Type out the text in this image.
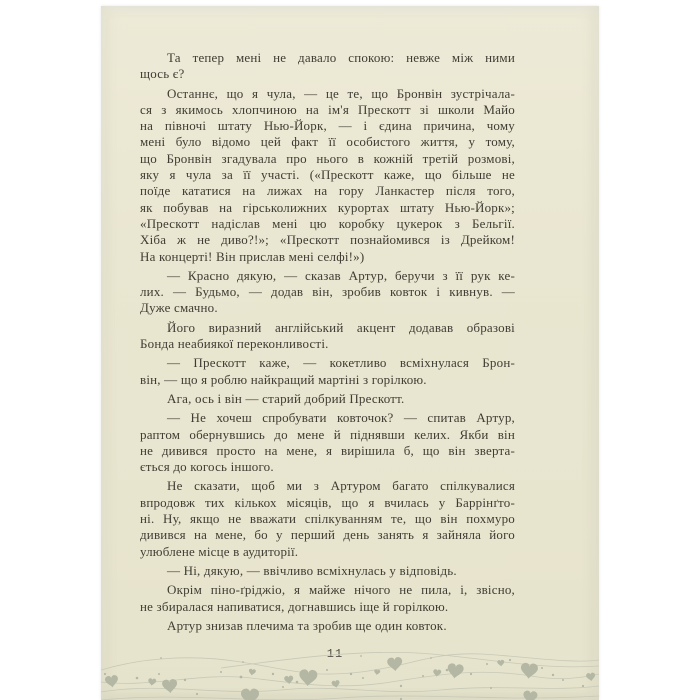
Та тепер мені не давало спокою: невже між ними
щось є?
Останнє, що я чула, — це те, що Бронвін зустрічала-
ся з якимось хлопчиною на ім'я Прескотт зі школи Майо
на півночі штату Нью-Йорк, — і єдина причина, чому
мені було відомо цей факт її особистого життя, у тому,
що Бронвін згадувала про нього в кожній третій розмові,
яку я чула за її участі. («Прескотт каже, що більше не
поїде кататися на лижах на гору Ланкастер після того,
як побував на гірськолижних курортах штату Нью-Йорк»;
«Прескотт надіслав мені цю коробку цукерок з Бельгії.
Хіба ж не диво?!»; «Прескотт познайомився із Дрейком!
На концерті! Він прислав мені селфі!»)
— Красно дякую, — сказав Артур, беручи з її рук ке-
лих. — Будьмо, — додав він, зробив ковток і кивнув. —
Дуже смачно.
Його виразний англійський акцент додавав образові
Бонда неабиякої переконливості.
— Прескотт каже, — кокетливо всміхнулася Брон-
він, — що я роблю найкращий мартіні з горілкою.
Ага, ось і він — старий добрий Прескотт.
— Не хочеш спробувати ковточок? — спитав Артур,
раптом обернувшись до мене й піднявши келих. Якби він
не дивився просто на мене, я вирішила б, що він зверта-
ється до когось іншого.
Не сказати, щоб ми з Артуром багато спілкувалися
впродовж тих кількох місяців, що я вчилась у Баррінґто-
ні. Ну, якщо не вважати спілкуванням те, що він похмуро
дивився на мене, бо у перший день занять я зайняла його
улюблене місце в аудиторії.
— Ні, дякую, — ввічливо всміхнулась у відповідь.
Окрім піно-ґріджіо, я майже нічого не пила, і, звісно,
не збиралася напиватися, догнавшись іще й горілкою.
Артур знизав плечима та зробив ще один ковток.
11
